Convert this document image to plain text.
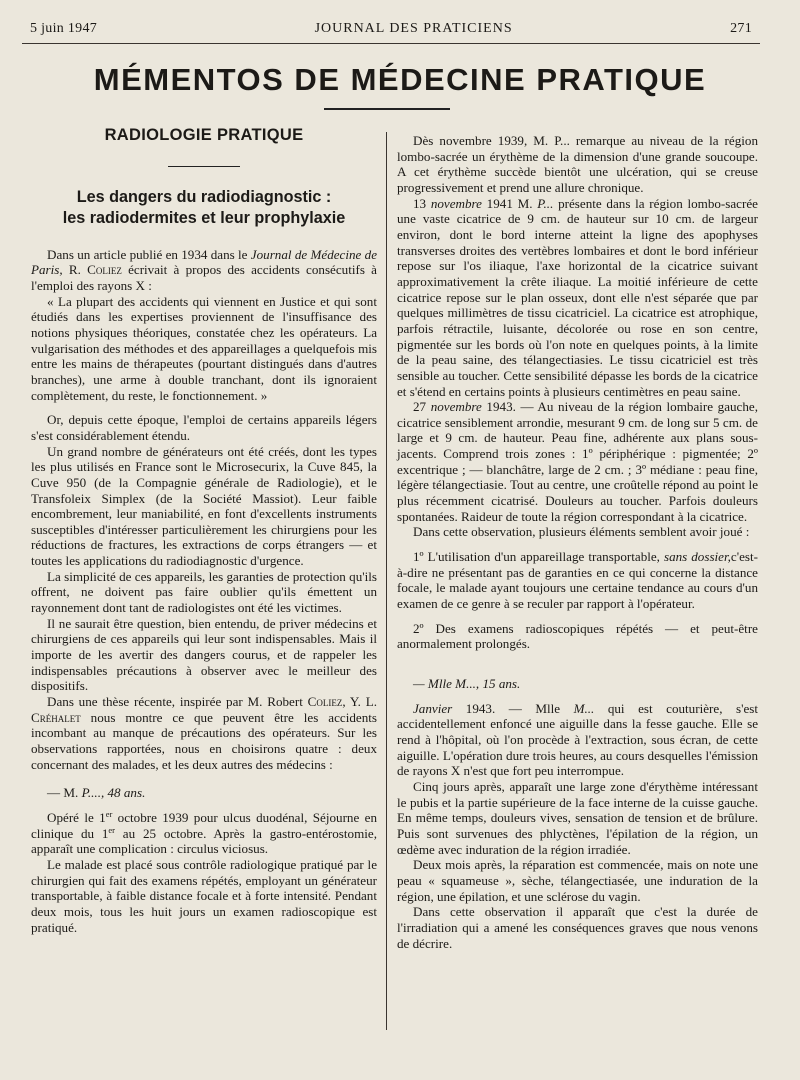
5 juin 1947	JOURNAL DES PRATICIENS	271
MÉMENTOS DE MÉDECINE PRATIQUE
RADIOLOGIE PRATIQUE
Les dangers du radiodiagnostic :
les radiodermites et leur prophylaxie

Dans un article publié en 1934 dans le Journal de Médecine de Paris, R. Coliez écrivait à propos des accidents consécutifs à l'emploi des rayons X :

« La plupart des accidents qui viennent en Justice et qui sont étudiés dans les expertises proviennent de l'insuffisance des notions physiques théoriques, constatée chez les opérateurs. La vulgarisation des méthodes et des appareillages a quelquefois mis entre les mains de thérapeutes (pourtant distingués dans d'autres branches), une arme à double tranchant, dont ils ignoraient complètement, du reste, le fonctionnement. »

Or, depuis cette époque, l'emploi de certains appareils légers s'est considérablement étendu.

Un grand nombre de générateurs ont été créés, dont les types les plus utilisés en France sont le Microsecurix, la Cuve 845, la Cuve 950 (de la Compagnie générale de Radiologie), et le Transfoleix Simplex (de la Société Massiot). Leur faible encombrement, leur maniabilité, en font d'excellents instruments susceptibles d'intéresser particulièrement les chirurgiens pour les réductions de fractures, les extractions de corps étrangers — et toutes les applications du radiodiagnostic d'urgence.

La simplicité de ces appareils, les garanties de protection qu'ils offrent, ne doivent pas faire oublier qu'ils émettent un rayonnement dont tant de radiologistes ont été les victimes.

Il ne saurait être question, bien entendu, de priver médecins et chirurgiens de ces appareils qui leur sont indispensables. Mais il importe de les avertir des dangers courus, et de rappeler les indispensables précautions à observer avec le meilleur des dispositifs.

Dans une thèse récente, inspirée par M. Robert Coliez, Y. L. Créhalet nous montre ce que peuvent être les accidents incombant au manque de précautions des opérateurs. Sur les observations rapportées, nous en choisirons quatre : deux concernant des malades, et les deux autres des médecins :

— M. P...., 48 ans.

Opéré le 1er octobre 1939 pour ulcus duodénal, Séjourne en clinique du 1er au 25 octobre. Après la gastro-entérostomie, apparaît une complication : circulus viciosus.

Le malade est placé sous contrôle radiologique pratiqué par le chirurgien qui fait des examens répétés, employant un générateur transportable, à faible distance focale et à forte intensité. Pendant deux mois, tous les huit jours un examen radioscopique est pratiqué.

Dès novembre 1939, M. P... remarque au niveau de la région lombo-sacrée un érythème de la dimension d'une grande soucoupe. A cet érythème succède bientôt une ulcération, qui se creuse progressivement et prend une allure chronique.

13 novembre 1941 M. P... présente dans la région lombo-sacrée une vaste cicatrice de 9 cm. de hauteur sur 10 cm. de largeur environ, dont le bord interne atteint la ligne des apophyses transverses droites des vertèbres lombaires et dont le bord inférieur repose sur l'os iliaque, l'axe horizontal de la cicatrice suivant approximativement la crête iliaque. La moitié inférieure de cette cicatrice repose sur le plan osseux, dont elle n'est séparée que par quelques millimètres de tissu cicatriciel. La cicatrice est atrophique, parfois rétractile, luisante, décolorée ou rose en son centre, pigmentée sur les bords où l'on note en quelques points, à la limite de la peau saine, des télangectiasies. Le tissu cicatriciel est très sensible au toucher. Cette sensibilité dépasse les bords de la cicatrice et s'étend en certains points à plusieurs centimètres en peau saine.

27 novembre 1943. — Au niveau de la région lombaire gauche, cicatrice sensiblement arrondie, mesurant 9 cm. de long sur 5 cm. de large et 9 cm. de hauteur. Peau fine, adhérente aux plans sous-jacents. Comprend trois zones : 1º périphérique : pigmentée; 2º excentrique ; — blanchâtre, large de 2 cm. ; 3º médiane : peau fine, légère télangectiasie. Tout au centre, une croûtelle répond au point le plus récemment cicatrisé. Douleurs au toucher. Parfois douleurs spontanées. Raideur de toute la région correspondant à la cicatrice.

Dans cette observation, plusieurs éléments semblent avoir joué :

1º L'utilisation d'un appareillage transportable, sans dossier,c'est-à-dire ne présentant pas de garanties en ce qui concerne la distance focale, le malade ayant toujours une certaine tendance au cours d'un examen de ce genre à se reculer par rapport à l'opérateur.

2º Des examens radioscopiques répétés — et peut-être anormalement prolongés.

— Mlle M..., 15 ans.

Janvier 1943. — Mlle M... qui est couturière, s'est accidentellement enfoncé une aiguille dans la fesse gauche. Elle se rend à l'hôpital, où l'on procède à l'extraction, sous écran, de cette aiguille. L'opération dure trois heures, au cours desquelles l'émission de rayons X n'est que fort peu interrompue.

Cinq jours après, apparaît une large zone d'érythème intéressant le pubis et la partie supérieure de la face interne de la cuisse gauche. En même temps, douleurs vives, sensation de tension et de brûlure. Puis sont survenues des phlyctènes, l'épilation de la région, un œdème avec induration de la région irradiée.

Deux mois après, la réparation est commencée, mais on note une peau « squameuse », sèche, télangectiasée, une induration de la région, une épilation, et une sclérose du vagin.

Dans cette observation il apparaît que c'est la durée de l'irradiation qui a amené les conséquences graves que nous venons de décrire.
